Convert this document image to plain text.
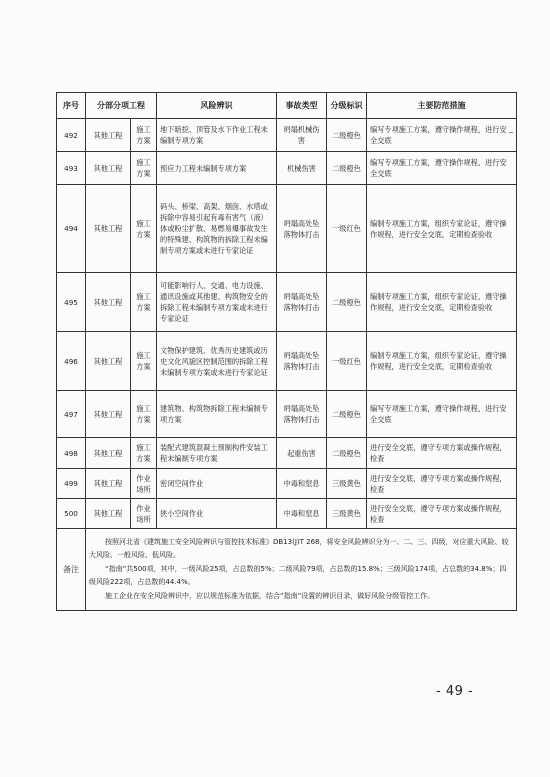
序号	分部分项工程		风险辨识	事故类型	分级标识	主要防范措施
492	其他工程	施工方案	地下暗挖、顶管及水下作业工程未编制专项方案	坍塌机械伤害	二级橙色	编写专项施工方案，遵守操作规程，进行安全交底
493	其他工程	施工方案	预应力工程未编制专项方案	机械伤害	二级橙色	编写专项施工方案，遵守操作规程，进行安全交底
494	其他工程	施工方案	码头、桥梁、高架、烟囱、水塔或拆除中容易引起有毒有害气（液）体或粉尘扩散、易燃易爆事故发生的特殊建、构筑物的拆除工程未编制专项方案或未进行专家论证	坍塌高处坠落物体打击	一级红色	编制专项施工方案，组织专家论证，遵守操作规程，进行安全交底，定期检查验收
495	其他工程	施工方案	可能影响行人、交通、电力设施、通讯设施或其他建、构筑物安全的拆除工程未编制专项方案或未进行专家论证	坍塌高处坠落物体打击	二级橙色	编制专项施工方案，组织专家论证，遵守操作规程，进行安全交底，定期检查验收
496	其他工程	施工方案	文物保护建筑、优秀历史建筑或历史文化风貌区控制范围的拆除工程未编制专项方案或未进行专家论证	坍塌高处坠落物体打击	一级红色	编制专项施工方案，组织专家论证，遵守操作规程，进行安全交底，定期检查验收
497	其他工程	施工方案	建筑物、构筑物拆除工程未编制专项方案	坍塌高处坠落物体打击	二级橙色	编写专项施工方案，遵守操作规程，进行安全交底
498	其他工程	施工方案	装配式建筑混凝土预制构件安装工程未编制专项方案	起重伤害	二级橙色	进行安全交底，遵守专项方案或操作规程，检查
499	其他工程	作业场所	密闭空间作业	中毒和窒息	三级黄色	进行安全交底，遵守专项方案或操作规程，检查
500	其他工程	作业场所	狭小空间作业	中毒和窒息	三级黄色	进行安全交底，遵守专项方案或操作规程，检查
备注	按照河北省《建筑施工安全风险辨识与管控技术标准》DB13(J)T 268，将安全风险辨识分为一、二、三、四级，对应重大风险、较大风险、一般风险、低风险。

“指南”共500项，其中，一级风险25项，占总数的5%；二级风险79项，占总数的15.8%；三级风险174项，占总数的34.8%；四级风险222项，占总数的44.4%。

施工企业在安全风险辨识中，应以规范标准为依据，结合“指南”设置的辨识目录，做好风险分级管控工作。					

- 49 -
